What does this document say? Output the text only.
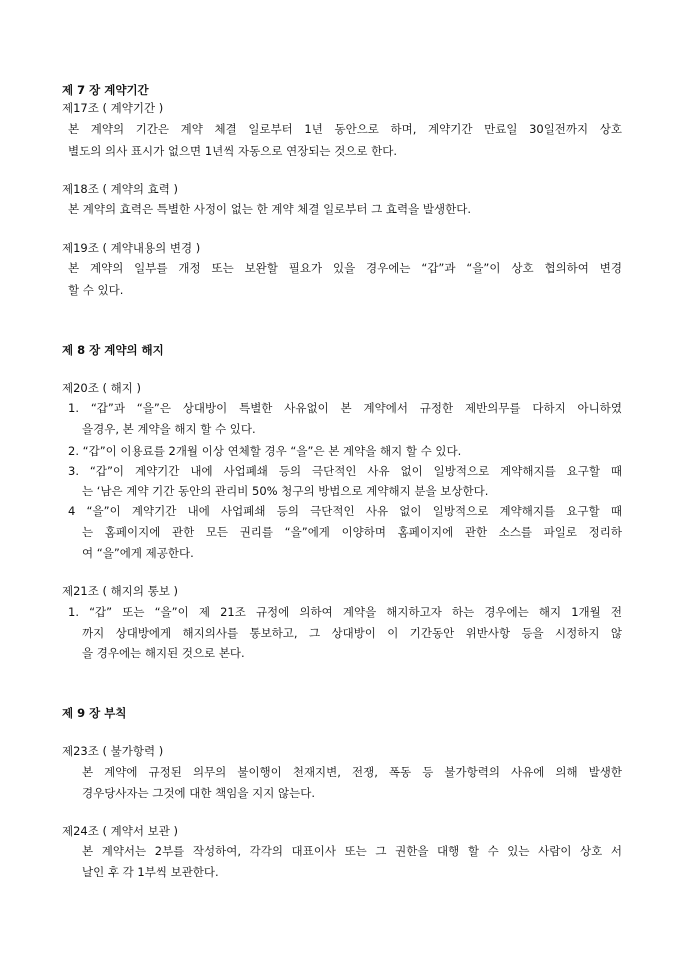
제 7 장 계약기간
제17조 ( 계약기간 )
본 계약의 기간은 계약 체결 일로부터 1년 동안으로 하며, 계약기간 만료일 30일전까지 상호
별도의 의사 표시가 없으면 1년씩 자동으로 연장되는 것으로 한다.
제18조 ( 계약의 효력 )
본 계약의 효력은 특별한 사정이 없는 한 계약 체결 일로부터 그 효력을 발생한다.
제19조 ( 계약내용의 변경 )
본 계약의 일부를 개정 또는 보완할 필요가 있을 경우에는 “갑”과 “을”이 상호 협의하여 변경
할 수 있다.
제 8 장 계약의 해지
제20조 ( 해지 )
1. “갑”과 “을”은 상대방이 특별한 사유없이 본 계약에서 규정한 제반의무를 다하지 아니하였
을경우, 본 계약을 해지 할 수 있다.
2. “갑”이 이용료를 2개월 이상 연체할 경우 “을”은 본 계약을 해지 할 수 있다.
3. “갑”이 계약기간 내에 사업폐쇄 등의 극단적인 사유 없이 일방적으로 계약해지를 요구할 때
는 ‘남은 계약 기간 동안의 관리비 50% 청구의 방법으로 계약해지 분을 보상한다.
4 “을”이 계약기간 내에 사업폐쇄 등의 극단적인 사유 없이 일방적으로 계약해지를 요구할 때
는 홈페이지에 관한 모든 권리를 “을”에게 이양하며 홈페이지에 관한 소스를 파일로 정리하
여 “을”에게 제공한다.
제21조 ( 해지의 통보 )
1. “갑” 또는 “을”이 제 21조 규정에 의하여 계약을 해지하고자 하는 경우에는 해지 1개월 전
까지 상대방에게 해지의사를 통보하고, 그 상대방이 이 기간동안 위반사항 등을 시정하지 않
을 경우에는 해지된 것으로 본다.
제 9 장 부칙
제23조 ( 불가항력 )
본 계약에 규정된 의무의 불이행이 천재지변, 전쟁, 폭동 등 불가항력의 사유에 의해 발생한
경우당사자는 그것에 대한 책임을 지지 않는다.
제24조 ( 계약서 보관 )
본 계약서는 2부를 작성하여, 각각의 대표이사 또는 그 권한을 대행 할 수 있는 사람이 상호 서
날인 후 각 1부씩 보관한다.
